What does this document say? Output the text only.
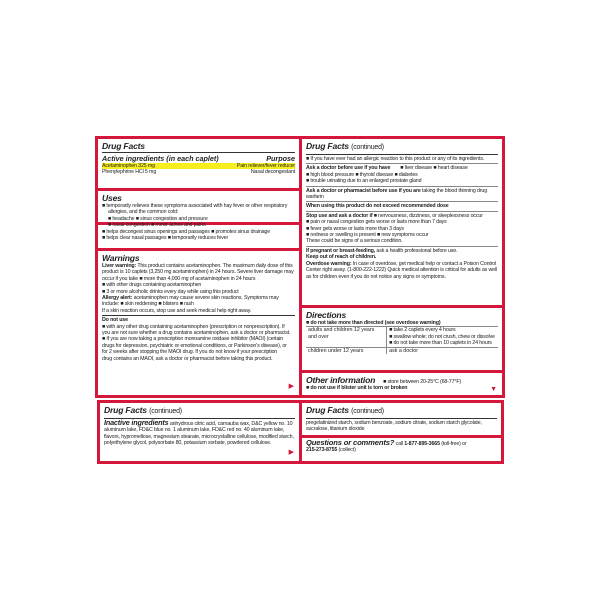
Drug Facts
Active ingredients (in each caplet)	Purpose

Acetaminophen 325 mg	Pain reliever/fever reducer

Phenylephrine HCl 5 mg	Nasal decongestant

Uses

■ temporarily relieves these symptoms associated with hay fever or other respiratory

allergies, and the common cold:

■ headache ■ sinus congestion and pressure

■ nasal congestion ■ minor aches and pains

■ helps decongest sinus openings and passages ■ promotes sinus drainage

■ helps clear nasal passages ■ temporarily reduces fever

Warnings

Liver warning: This product contains acetaminophen. The maximum daily dose of this

product is 10 caplets (3,250 mg acetaminophen) in 24 hours. Severe liver damage may

occur if you take ■ more than 4,000 mg of acetaminophen in 24 hours

■ with other drugs containing acetaminophen

■ 3 or more alcoholic drinks every day while using this product

Allergy alert: acetaminophen may cause severe skin reactions. Symptoms may

include: ■ skin reddening ■ blisters ■ rash

If a skin reaction occurs, stop use and seek medical help right away.

Do not use

■ with any other drug containing acetaminophen (prescription or nonprescription). If

you are not sure whether a drug contains acetaminophen, ask a doctor or pharmacist.

■ If you are now taking a prescription monoamine oxidase inhibitor (MAOI) (certain

drugs for depression, psychiatric or emotional conditions, or Parkinson's disease), or

for 2 weeks after stopping the MAOI drug. If you do not know if your prescription

drug contains an MAOI, ask a doctor or pharmacist before taking this product.

▶
Drug Facts (continued)

■ If you have ever had an allergic reaction to this product or any of its ingredients.

Ask a doctor before use if you have ■ liver disease ■ heart disease

■ high blood pressure ■ thyroid disease ■ diabetes

■ trouble urinating due to an enlarged prostate gland

Ask a doctor or pharmacist before use if you are taking the blood thinning drug warfarin

When using this product do not exceed recommended dose

Stop use and ask a doctor if ■ nervousness, dizziness, or sleeplessness occur

■ pain or nasal congestion gets worse or lasts more than 7 days

■ fever gets worse or lasts more than 3 days

■ redness or swelling is present ■ new symptoms occur

These could be signs of a serious condition.

If pregnant or breast-feeding, ask a health professional before use.

Keep out of reach of children.

Overdose warning: In case of overdose, get medical help or contact a Poison Control

Center right away. (1-800-222-1222) Quick medical attention is critical for adults as well

as for children even if you do not notice any signs or symptoms.

Directions

■ do not take more than directed (see overdose warning)

adults and children 12 years and over	■ take 2 caplets every 4 hours
■ swallow whole; do not crush, chew or dissolve
■ do not take more than 10 caplets in 24 hours

children under 12 years	ask a doctor
Other information ■ store between 20-25°C (68-77°F)

■ do not use if blister unit is torn or broken	▼
Drug Facts (continued)

Inactive ingredients anhydrous citric acid, carnauba wax, D&C yellow no. 10

aluminum lake, FD&C blue no. 1 aluminum lake, FD&C red no. 40 aluminum lake,

flavors, hypromellose, magnesium stearate, microcrystalline cellulose, modified starch,

polyethylene glycol, polysorbate 80, potassium sorbate, powdered cellulose.

▶
Drug Facts (continued)

pregelatinized starch, sodium benzoate, sodium citrate, sodium starch glycolate,

sucralose, titanium dioxide

Questions or comments? call 1-877-895-3665 (toll-free) or

215-273-8755 (collect)
